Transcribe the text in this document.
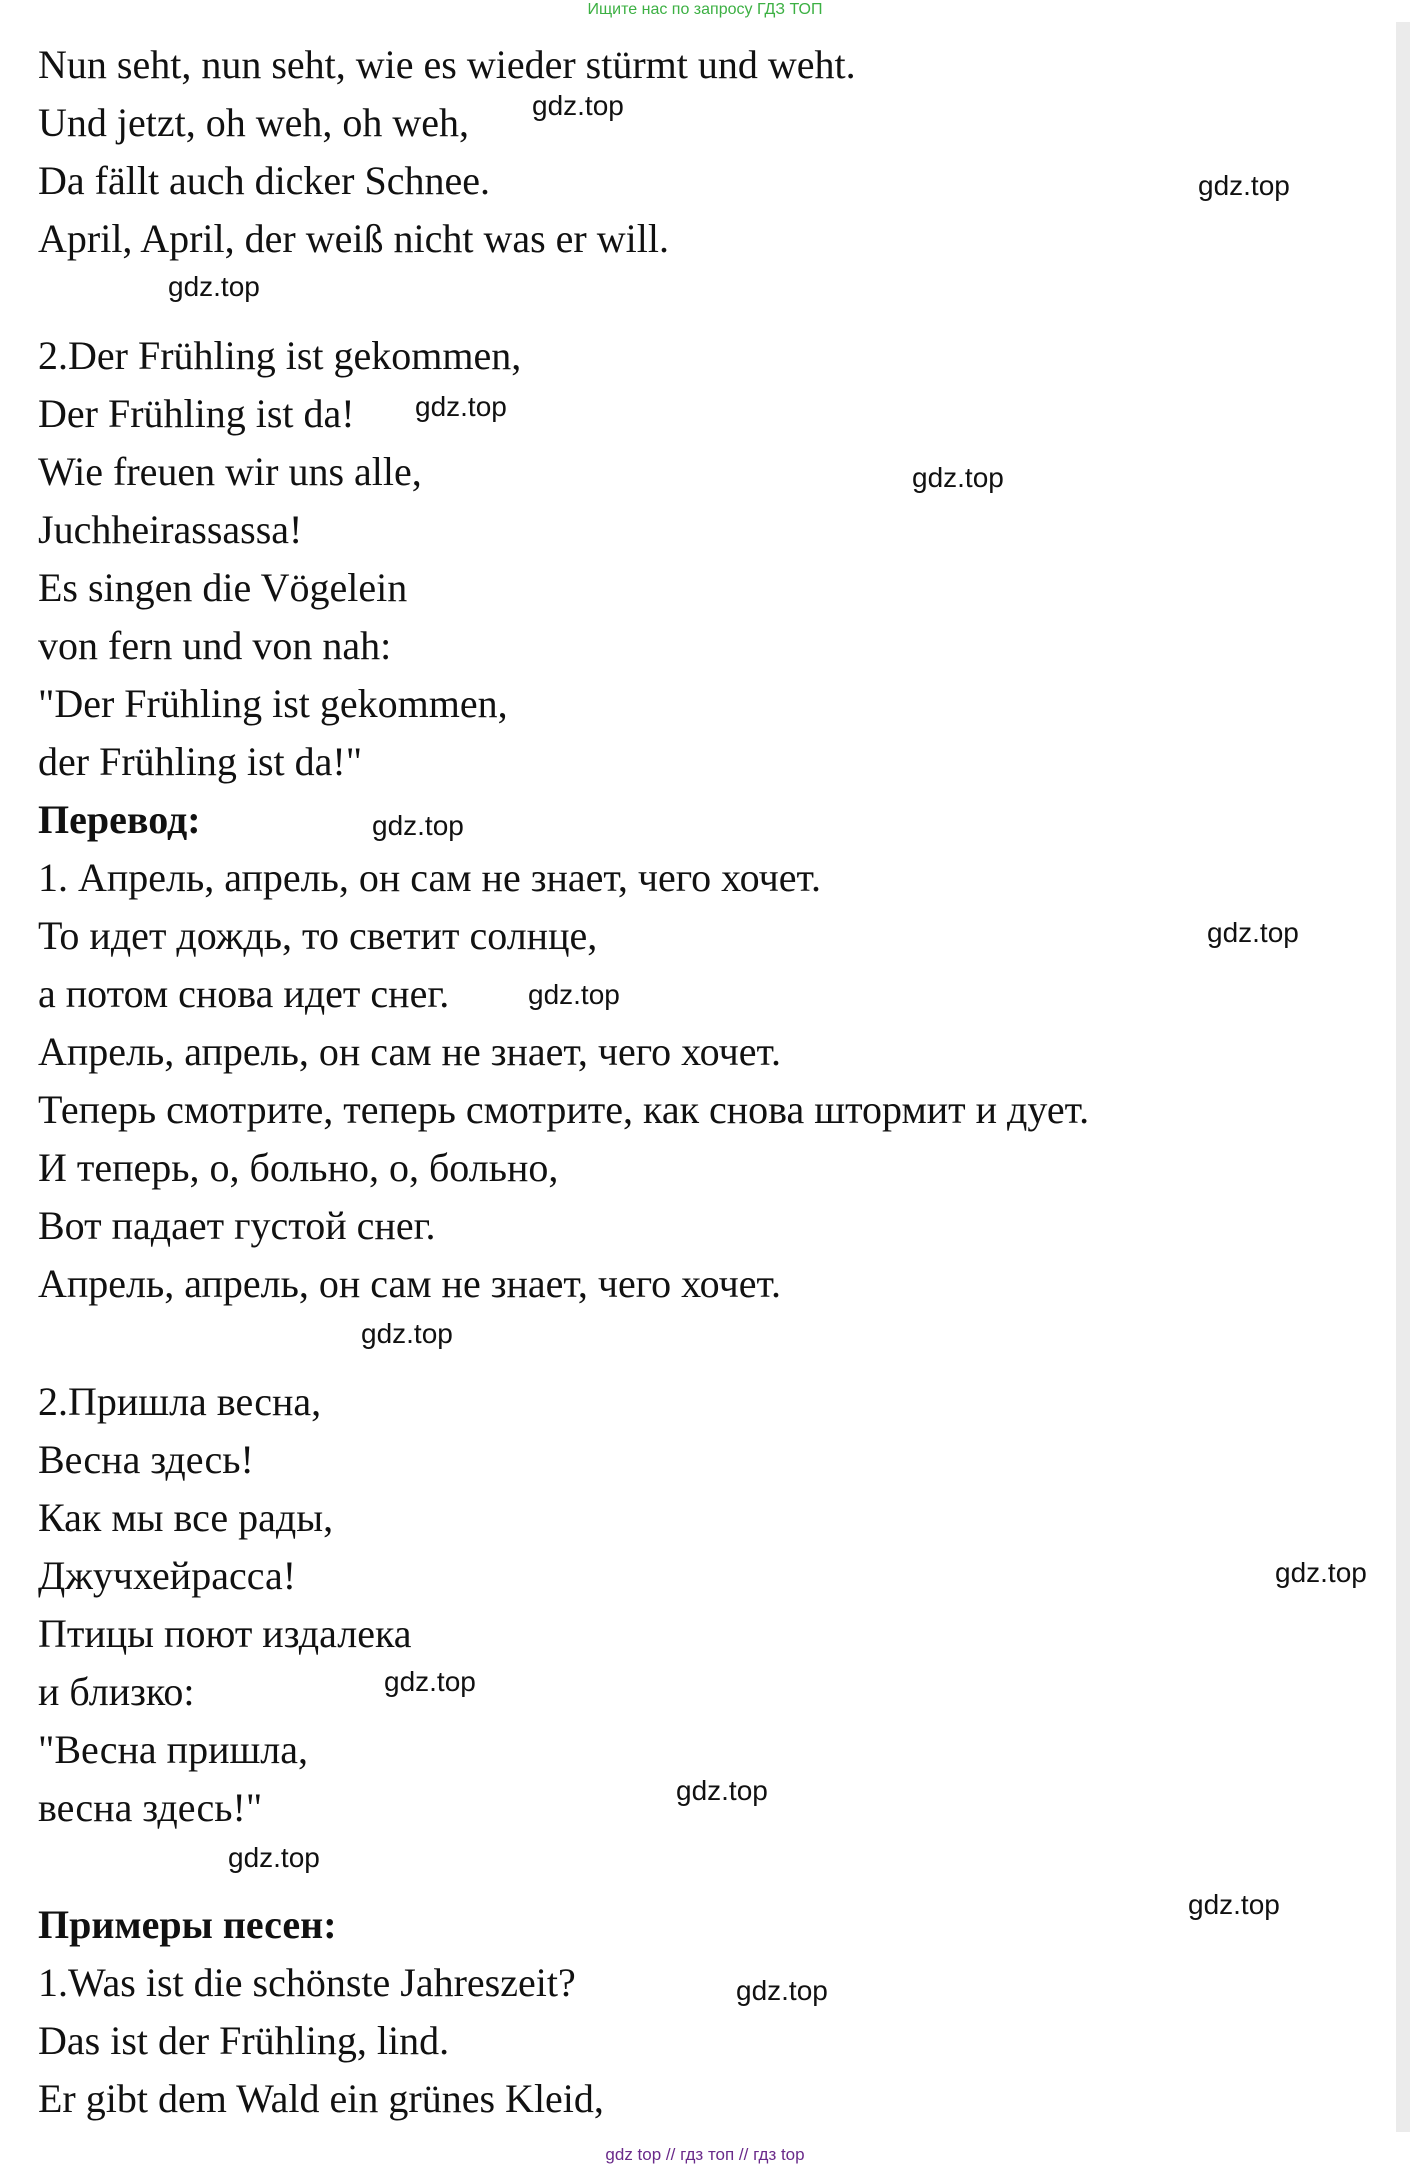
Ищите нас по запросу ГДЗ ТОП
Nun seht, nun seht, wie es wieder stürmt und weht.
Und jetzt, oh weh, oh weh,
Da fällt auch dicker Schnee.
April, April, der weiß nicht was er will.
2.Der Frühling ist gekommen,
Der Frühling ist da!
Wie freuen wir uns alle,
Juchheirassassa!
Es singen die Vögelein
von fern und von nah:
"Der Frühling ist gekommen,
der Frühling ist da!"
Перевод:
1. Апрель, апрель, он сам не знает, чего хочет.
То идет дождь, то светит солнце,
а потом снова идет снег.
Апрель, апрель, он сам не знает, чего хочет.
Теперь смотрите, теперь смотрите, как снова штормит и дует.
И теперь, о, больно, о, больно,
Вот падает густой снег.
Апрель, апрель, он сам не знает, чего хочет.
2.Пришла весна,
Весна здесь!
Как мы все рады,
Джучхейрасса!
Птицы поют издалека
и близко:
"Весна пришла,
весна здесь!"
Примеры песен:
1.Was ist die schönste Jahreszeit?
Das ist der Frühling, lind.
Er gibt dem Wald ein grünes Kleid,
gdz.top
gdz.top
gdz.top
gdz.top
gdz.top
gdz.top
gdz.top
gdz.top
gdz.top
gdz.top
gdz.top
gdz.top
gdz.top
gdz.top
gdz.top
gdz top // гдз топ // гдз top
